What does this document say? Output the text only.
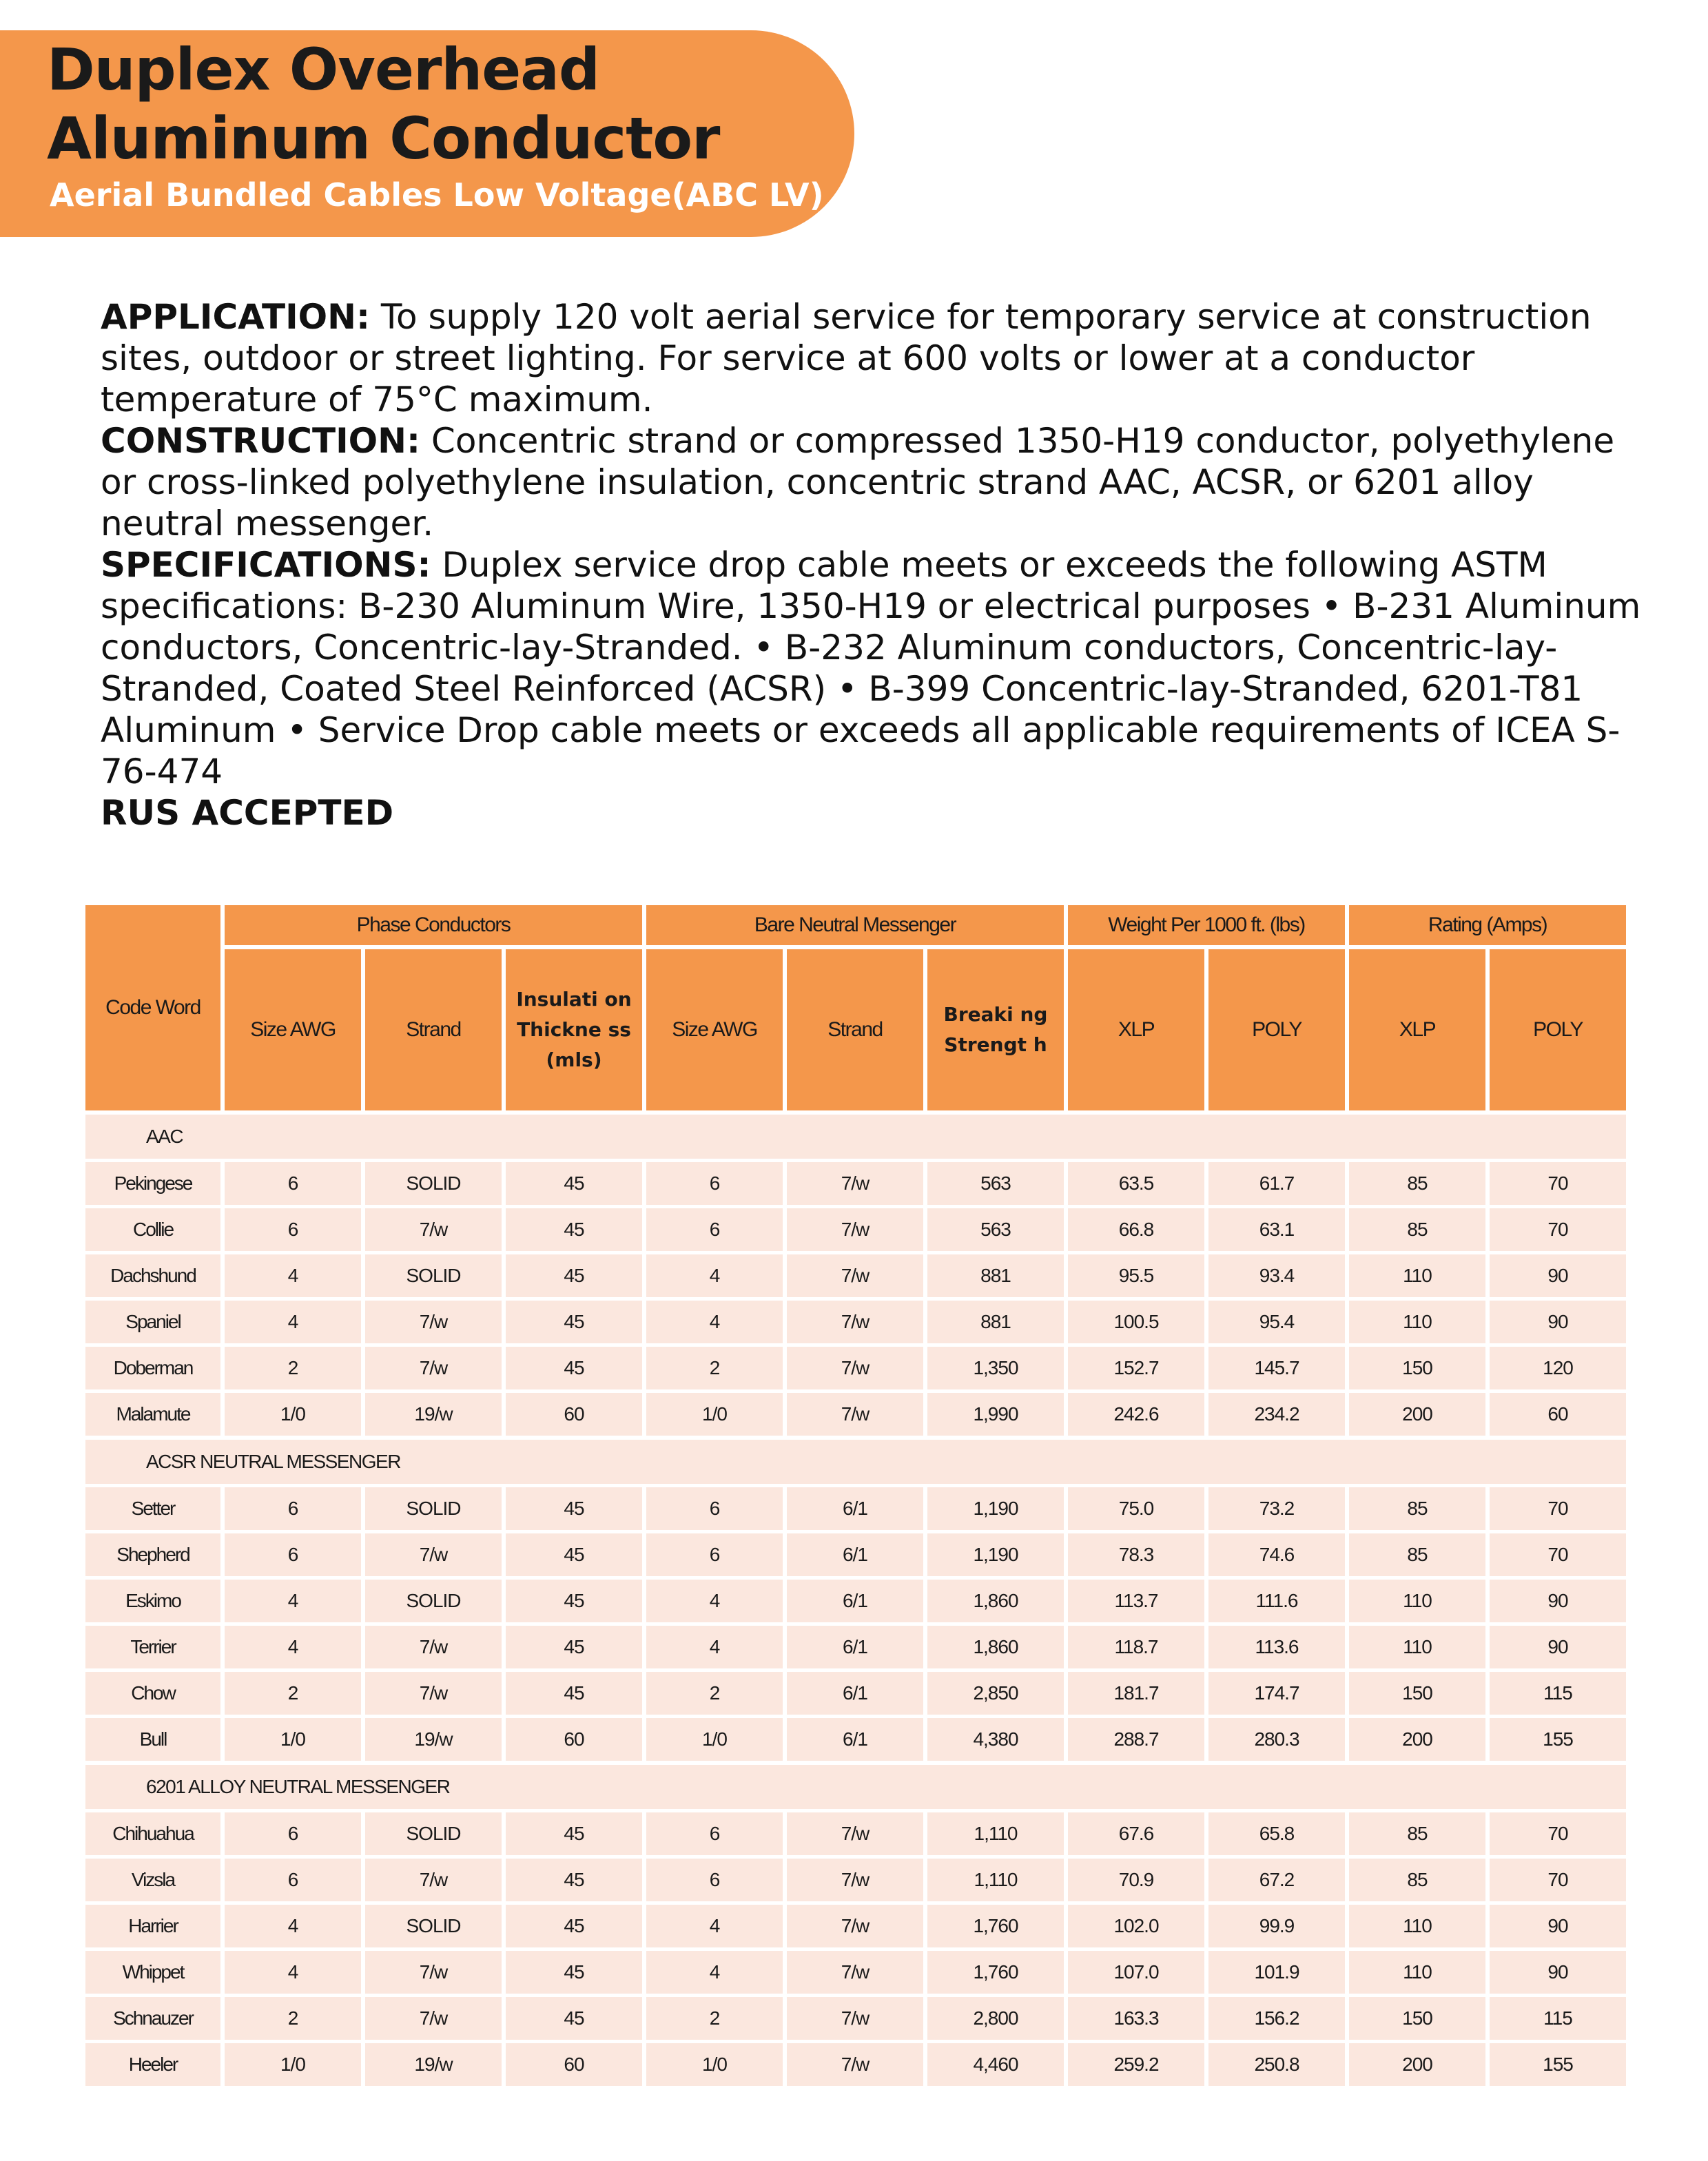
Duplex Overhead
Aluminum Conductor
Aerial Bundled Cables Low Voltage(ABC LV)

APPLICATION: To supply 120 volt aerial service for temporary service at construction sites, outdoor or street lighting. For service at 600 volts or lower at a conductor temperature of 75°C maximum.

CONSTRUCTION: Concentric strand or compressed 1350-H19 conductor, polyethylene or cross-linked polyethylene insulation, concentric strand AAC, ACSR, or 6201 alloy neutral messenger.

SPECIFICATIONS: Duplex service drop cable meets or exceeds the following ASTM specifications: B-230 Aluminum Wire, 1350-H19 or electrical purposes • B-231 Aluminum conductors, Concentric-lay-Stranded. • B-232 Aluminum conductors, Concentric-lay-Stranded, Coated Steel Reinforced (ACSR) • B-399 Concentric-lay-Stranded, 6201-T81 Aluminum • Service Drop cable meets or exceeds all applicable requirements of ICEA S-76-474

RUS ACCEPTED

Code Word	Phase Conductors			Bare Neutral Messenger			Weight Per 1000 ft. (lbs)		Rating (Amps)	

	Size AWG	Strand	Insulati on Thickne ss (mls)	Size AWG	Strand	Breaki ng Strengt h	XLP	POLY	XLP	POLY
AAC										
Pekingese	6	SOLID	45	6	7/w	563	63.5	61.7	85	70
Collie	6	7/w	45	6	7/w	563	66.8	63.1	85	70
Dachshund	4	SOLID	45	4	7/w	881	95.5	93.4	110	90
Spaniel	4	7/w	45	4	7/w	881	100.5	95.4	110	90
Doberman	2	7/w	45	2	7/w	1,350	152.7	145.7	150	120
Malamute	1/0	19/w	60	1/0	7/w	1,990	242.6	234.2	200	60
ACSR NEUTRAL MESSENGER										
Setter	6	SOLID	45	6	6/1	1,190	75.0	73.2	85	70
Shepherd	6	7/w	45	6	6/1	1,190	78.3	74.6	85	70
Eskimo	4	SOLID	45	4	6/1	1,860	113.7	111.6	110	90
Terrier	4	7/w	45	4	6/1	1,860	118.7	113.6	110	90
Chow	2	7/w	45	2	6/1	2,850	181.7	174.7	150	115
Bull	1/0	19/w	60	1/0	6/1	4,380	288.7	280.3	200	155
6201 ALLOY NEUTRAL MESSENGER										
Chihuahua	6	SOLID	45	6	7/w	1,110	67.6	65.8	85	70
Vizsla	6	7/w	45	6	7/w	1,110	70.9	67.2	85	70
Harrier	4	SOLID	45	4	7/w	1,760	102.0	99.9	110	90
Whippet	4	7/w	45	4	7/w	1,760	107.0	101.9	110	90
Schnauzer	2	7/w	45	2	7/w	2,800	163.3	156.2	150	115
Heeler	1/0	19/w	60	1/0	7/w	4,460	259.2	250.8	200	155
